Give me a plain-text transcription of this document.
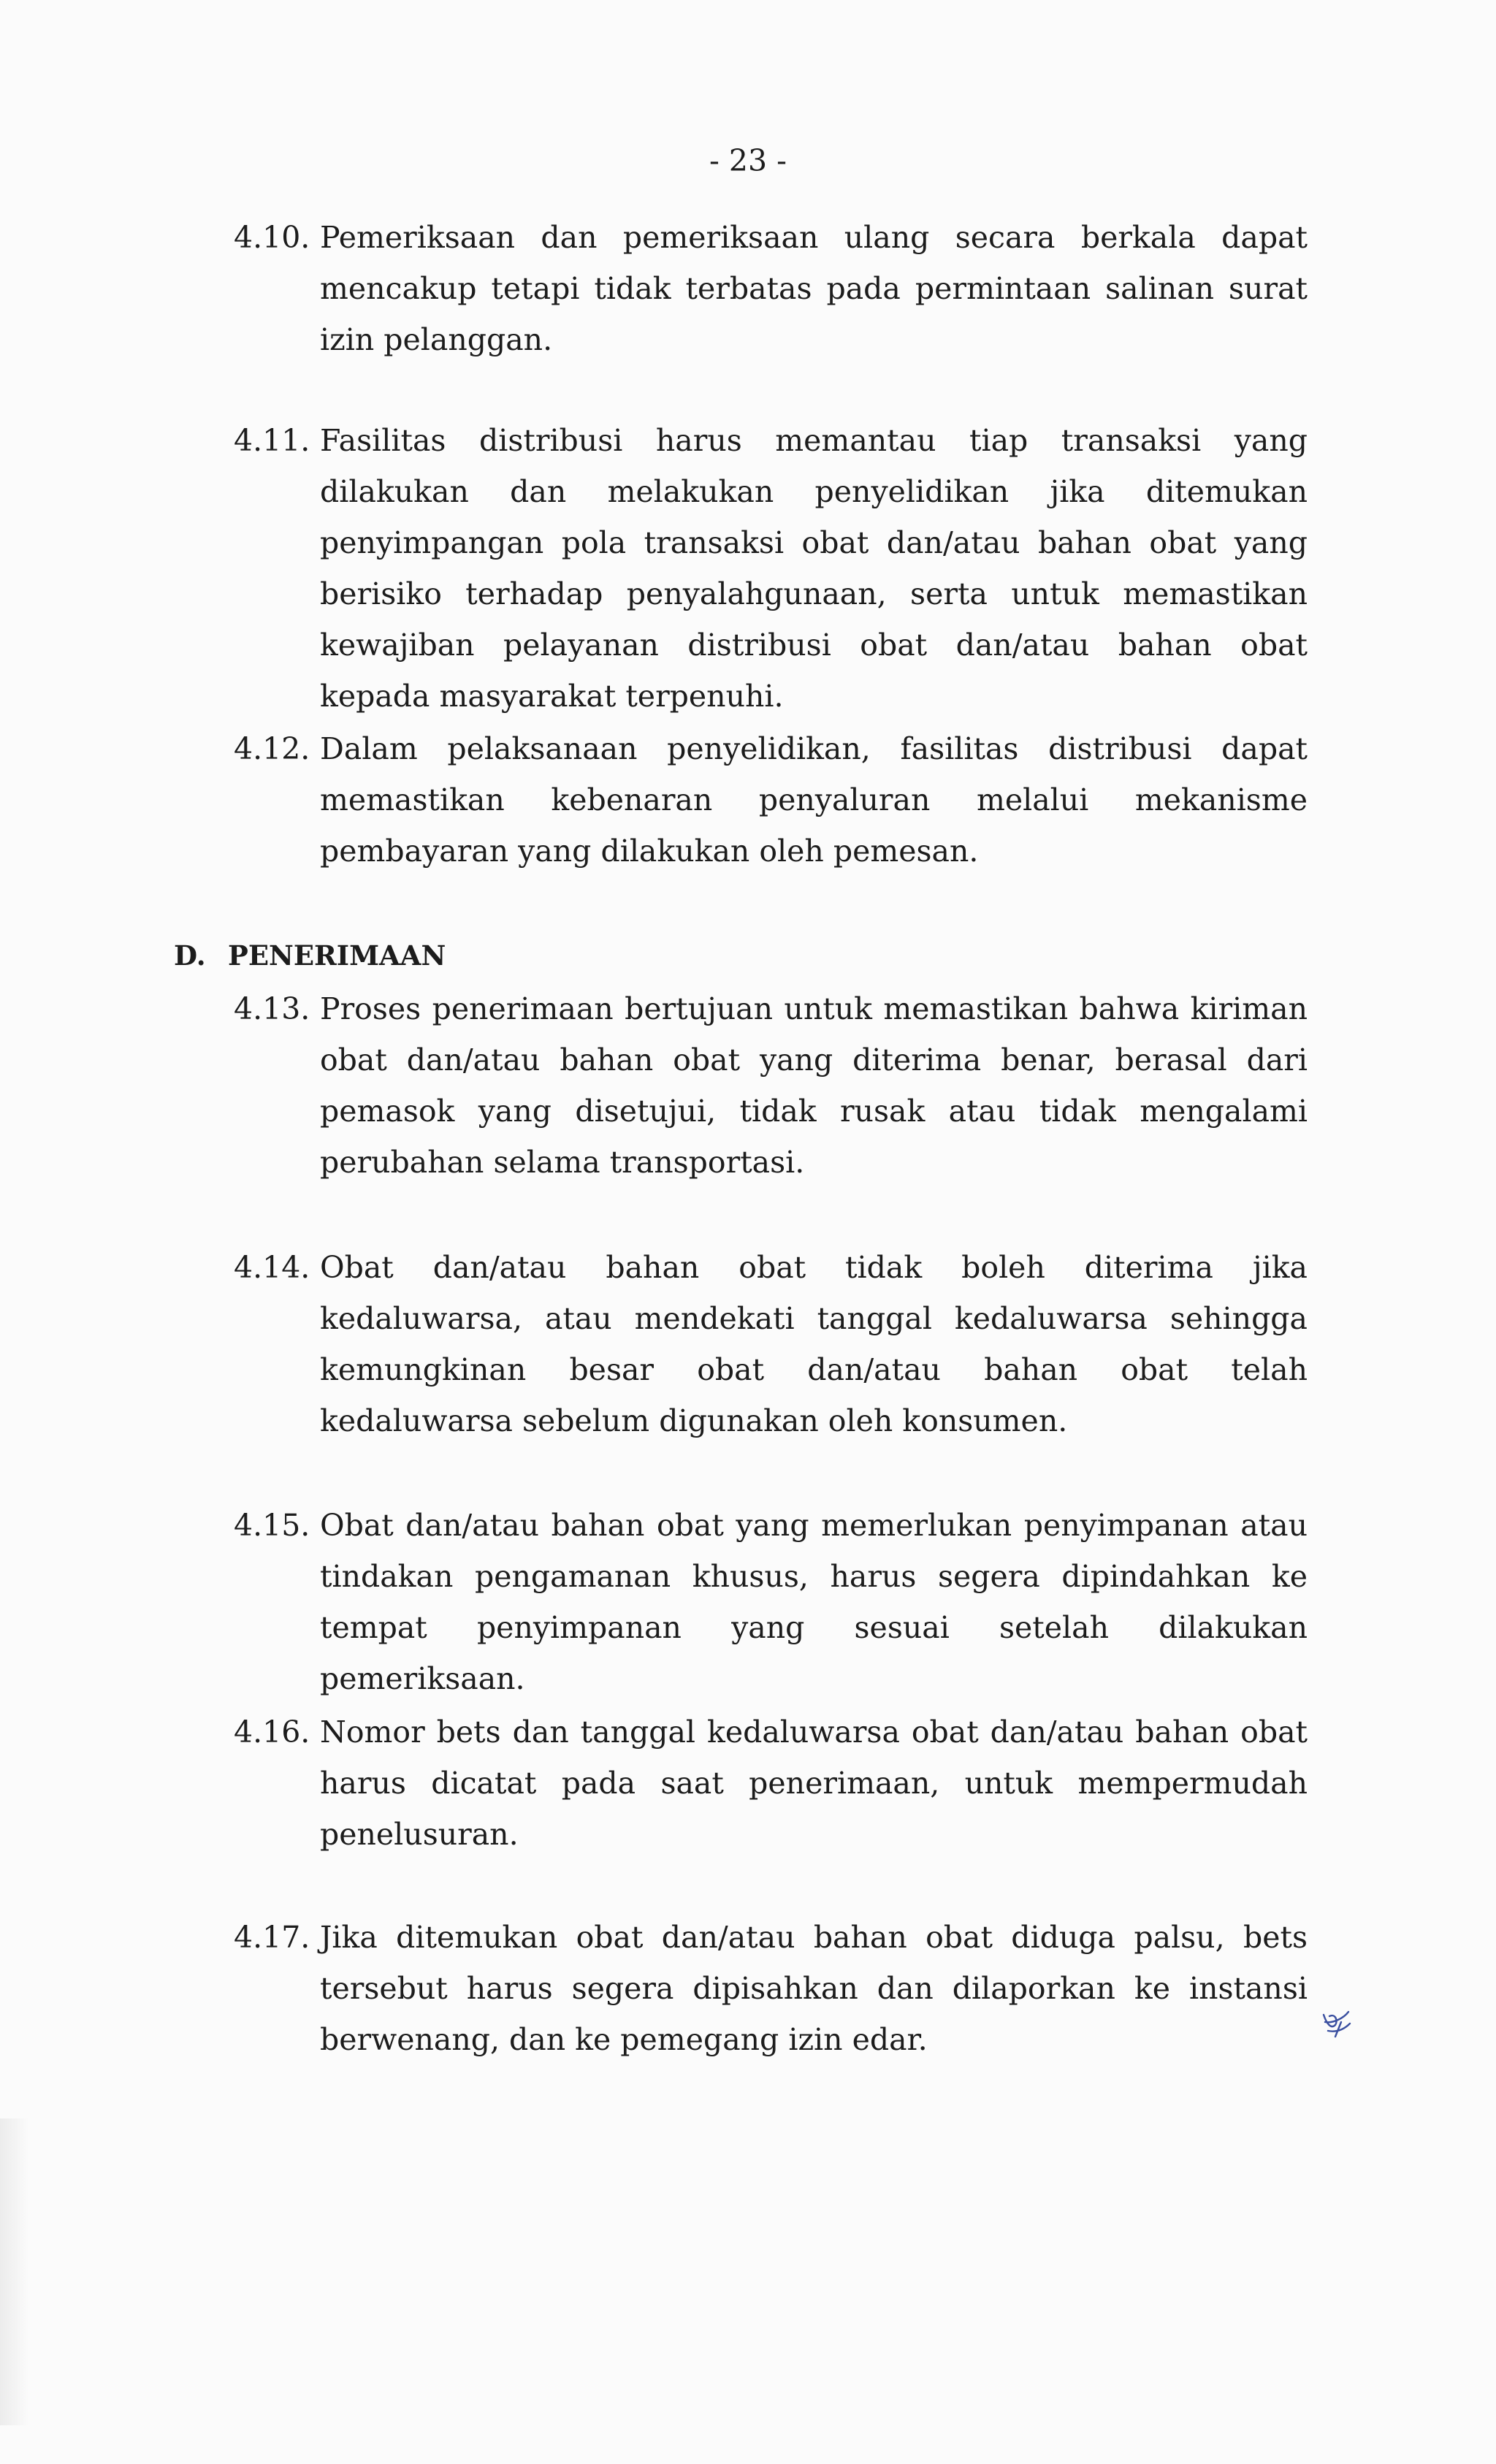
- 23 -
4.10. Pemeriksaan dan pemeriksaan ulang secara berkala dapat mencakup tetapi tidak terbatas pada permintaan salinan surat izin pelanggan.
4.11. Fasilitas distribusi harus memantau tiap transaksi yang dilakukan dan melakukan penyelidikan jika ditemukan penyimpangan pola transaksi obat dan/atau bahan obat yang berisiko terhadap penyalahgunaan, serta untuk memastikan kewajiban pelayanan distribusi obat dan/atau bahan obat kepada masyarakat terpenuhi.
4.12. Dalam pelaksanaan penyelidikan, fasilitas distribusi dapat memastikan kebenaran penyaluran melalui mekanisme pembayaran yang dilakukan oleh pemesan.
D. PENERIMAAN
4.13. Proses penerimaan bertujuan untuk memastikan bahwa kiriman obat dan/atau bahan obat yang diterima benar, berasal dari pemasok yang disetujui, tidak rusak atau tidak mengalami perubahan selama transportasi.
4.14. Obat dan/atau bahan obat tidak boleh diterima jika kedaluwarsa, atau mendekati tanggal kedaluwarsa sehingga kemungkinan besar obat dan/atau bahan obat telah kedaluwarsa sebelum digunakan oleh konsumen.
4.15. Obat dan/atau bahan obat yang memerlukan penyimpanan atau tindakan pengamanan khusus, harus segera dipindahkan ke tempat penyimpanan yang sesuai setelah dilakukan pemeriksaan.
4.16. Nomor bets dan tanggal kedaluwarsa obat dan/atau bahan obat harus dicatat pada saat penerimaan, untuk mempermudah penelusuran.
4.17. Jika ditemukan obat dan/atau bahan obat diduga palsu, bets tersebut harus segera dipisahkan dan dilaporkan ke instansi berwenang, dan ke pemegang izin edar.
